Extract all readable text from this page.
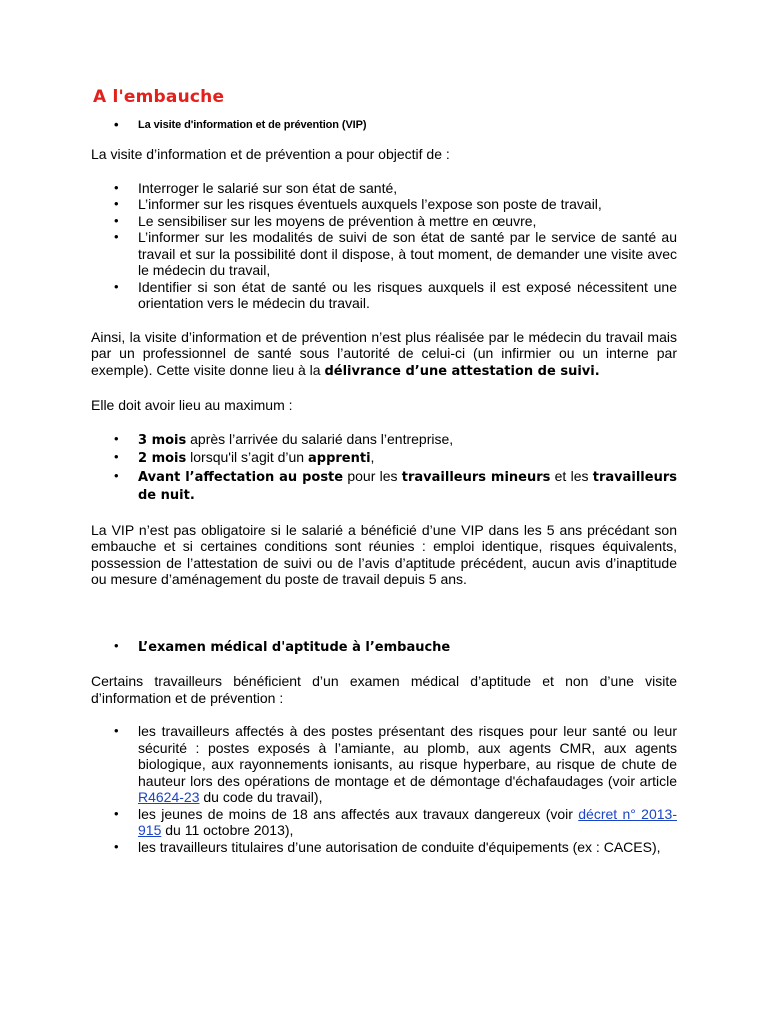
A l'embauche
• La visite d'information et de prévention (VIP)

La visite d’information et de prévention a pour objectif de :

• Interroger le salarié sur son état de santé,
• L’informer sur les risques éventuels auxquels l’expose son poste de travail,
• Le sensibiliser sur les moyens de prévention à mettre en œuvre,
• L’informer sur les modalités de suivi de son état de santé par le service de santé au travail et sur la possibilité dont il dispose, à tout moment, de demander une visite avec le médecin du travail,
• Identifier si son état de santé ou les risques auxquels il est exposé nécessitent une orientation vers le médecin du travail.

Ainsi, la visite d’information et de prévention n’est plus réalisée par le médecin du travail mais par un professionnel de santé sous l’autorité de celui-ci (un infirmier ou un interne par exemple). Cette visite donne lieu à la délivrance d’une attestation de suivi.

Elle doit avoir lieu au maximum :

• 3 mois après l’arrivée du salarié dans l’entreprise,
• 2 mois lorsqu'il s’agit d’un apprenti,
• Avant l’affectation au poste pour les travailleurs mineurs et les travailleurs de nuit.

La VIP n’est pas obligatoire si le salarié a bénéficié d’une VIP dans les 5 ans précédant son embauche et si certaines conditions sont réunies : emploi identique, risques équivalents, possession de l’attestation de suivi ou de l’avis d’aptitude précédent, aucun avis d’inaptitude ou mesure d’aménagement du poste de travail depuis 5 ans.

• L’examen médical d'aptitude à l’embauche

Certains travailleurs bénéficient d’un examen médical d’aptitude et non d’une visite d’information et de prévention :

• les travailleurs affectés à des postes présentant des risques pour leur santé ou leur sécurité : postes exposés à l’amiante, au plomb, aux agents CMR, aux agents biologique, aux rayonnements ionisants, au risque hyperbare, au risque de chute de hauteur lors des opérations de montage et de démontage d'échafaudages (voir article R4624-23 du code du travail),
• les jeunes de moins de 18 ans affectés aux travaux dangereux (voir décret n° 2013-915 du 11 octobre 2013),
• les travailleurs titulaires d’une autorisation de conduite d'équipements (ex : CACES),
